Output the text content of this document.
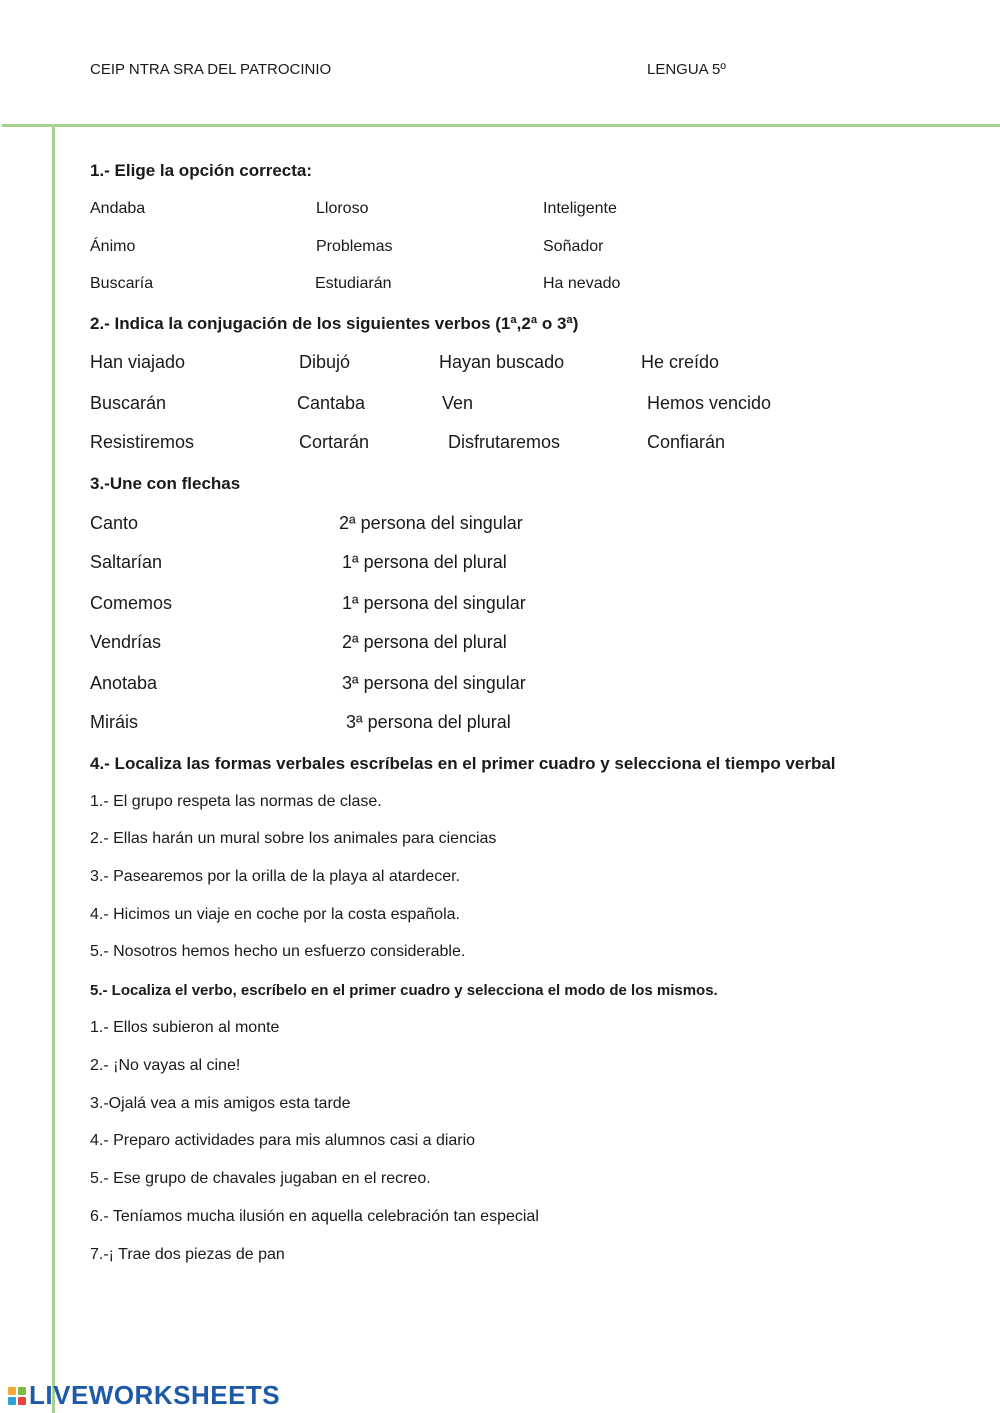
CEIP NTRA SRA DEL PATROCINIO	LENGUA 5º
1.- Elige la opción correcta:
Andaba	Lloroso	Inteligente
Ánimo	Problemas	Soñador
Buscaría	Estudiarán	Ha nevado
2.- Indica la conjugación de los siguientes verbos (1ª,2ª o 3ª)
Han viajado	Dibujó	Hayan buscado	He creído
Buscarán	Cantaba	Ven	Hemos vencido
Resistiremos	Cortarán	Disfrutaremos	Confiarán
3.-Une con flechas
Canto	2ª persona del singular
Saltarían	1ª persona del plural
Comemos	1ª persona del singular
Vendrías	2ª persona del plural
Anotaba	3ª persona del singular
Miráis	3ª persona del plural
4.- Localiza las formas verbales escríbelas en el primer cuadro y selecciona el tiempo verbal
1.- El grupo respeta las normas de clase.
2.- Ellas harán un mural sobre los animales para ciencias
3.- Pasearemos por la orilla de la playa al atardecer.
4.- Hicimos un viaje en coche por la costa española.
5.- Nosotros hemos hecho un esfuerzo considerable.
5.- Localiza el verbo, escríbelo en el primer cuadro y selecciona el modo de los mismos.
1.- Ellos subieron al monte
2.- ¡No vayas al cine!
3.-Ojalá vea a mis amigos esta tarde
4.- Preparo actividades para mis alumnos casi a diario
5.- Ese grupo de chavales jugaban en el recreo.
6.- Teníamos mucha ilusión en aquella celebración tan especial
7.-¡ Trae dos piezas de pan
LIVEWORKSHEETS
